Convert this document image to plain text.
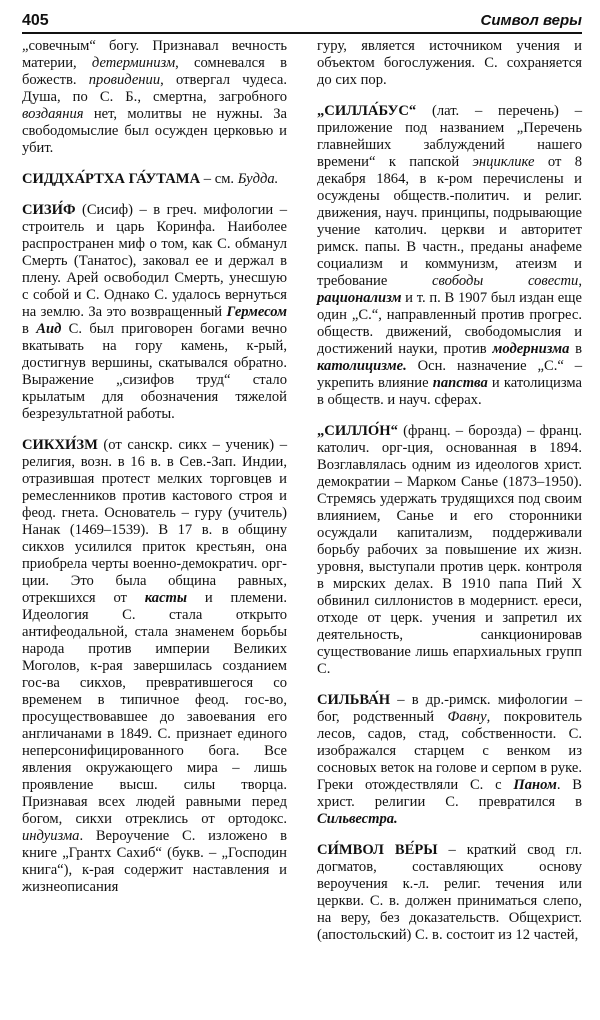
405	Символ веры

„совечным“ богу. Признавал вечность материи, детерминизм, сомневался в божеств. провидении, отвергал чудеса. Душа, по С. Б., смертна, загробного воздаяния нет, молитвы не нужны. За свободомыслие был осужден церковью и убит.

СИДДХА́РТХА ГА́УТАМА – см. Будда.

СИЗИ́Ф (Сисиф) – в греч. мифологии – строитель и царь Коринфа. Наиболее распространен миф о том, как С. обманул Смерть (Танатос), заковал ее и держал в плену. Арей освободил Смерть, унесшую с собой и С. Однако С. удалось вернуться на землю. За это возвращенный Гермесом в Аид С. был приговорен богами вечно вкатывать на гору камень, к-рый, достигнув вершины, скатывался обратно. Выражение „сизифов труд“ стало крылатым для обозначения тяжелой безрезультатной работы.

СИКХИ́ЗМ (от санскр. сикх – ученик) – религия, возн. в 16 в. в Сев.-Зап. Индии, отразившая протест мелких торговцев и ремесленников против кастового строя и феод. гнета. Основатель – гуру (учитель) Нанак (1469–1539). В 17 в. в общину сикхов усилился приток крестьян, она приобрела черты военно-демократич. орг-ции. Это была община равных, отрекшихся от касты и племени. Идеология С. стала открыто антифеодальной, стала знаменем борьбы народа против империи Великих Моголов, к-рая завершилась созданием гос-ва сикхов, превратившегося со временем в типичное феод. гос-во, просуществовавшее до завоевания его англичанами в 1849. С. признает единого неперсонифицированного бога. Все явления окружающего мира – лишь проявление высш. силы творца. Признавая всех людей равными перед богом, сикхи отреклись от ортодокс. индуизма. Вероучение С. изложено в книге „Грантх Сахиб“ (букв. – „Господин книга“), к-рая содержит наставления и жизнеописания

гуру, является источником учения и объектом богослужения. С. сохраняется до сих пор.

„СИЛЛА́БУС“ (лат. – перечень) – приложение под названием „Перечень главнейших заблуждений нашего времени“ к папской энциклике от 8 декабря 1864, в к-ром перечислены и осуждены обществ.-политич. и религ. движения, науч. принципы, подрывающие учение католич. церкви и авторитет римск. папы. В частн., преданы анафеме социализм и коммунизм, атеизм и требование свободы совести, рационализм и т. п. В 1907 был издан еще один „С.“, направленный против прогрес. обществ. движений, свободомыслия и достижений науки, против модернизма в католицизме. Осн. назначение „С.“ – укрепить влияние папства и католицизма в обществ. и науч. сферах.

„СИЛЛО́Н“ (франц. – борозда) – франц. католич. орг-ция, основанная в 1894. Возглавлялась одним из идеологов христ. демократии – Марком Санье (1873–1950). Стремясь удержать трудящихся под своим влиянием, Санье и его сторонники осуждали капитализм, поддерживали борьбу рабочих за повышение их жизн. уровня, выступали против церк. контроля в мирских делах. В 1910 папа Пий X обвинил силлонистов в модернист. ереси, отходе от церк. учения и запретил их деятельность, санкционировав существование лишь епархиальных групп С.

СИЛЬВА́Н – в др.-римск. мифологии – бог, родственный Фавну, покровитель лесов, садов, стад, собственности. С. изображался старцем с венком из сосновых веток на голове и серпом в руке. Греки отождествляли С. с Паном. В христ. религии С. превратился в Сильвестра.

СИ́МВОЛ ВЕ́РЫ – краткий свод гл. догматов, составляющих основу вероучения к.-л. религ. течения или церкви. С. в. должен приниматься слепо, на веру, без доказательств. Общехрист. (апостольский) С. в. состоит из 12 частей,
